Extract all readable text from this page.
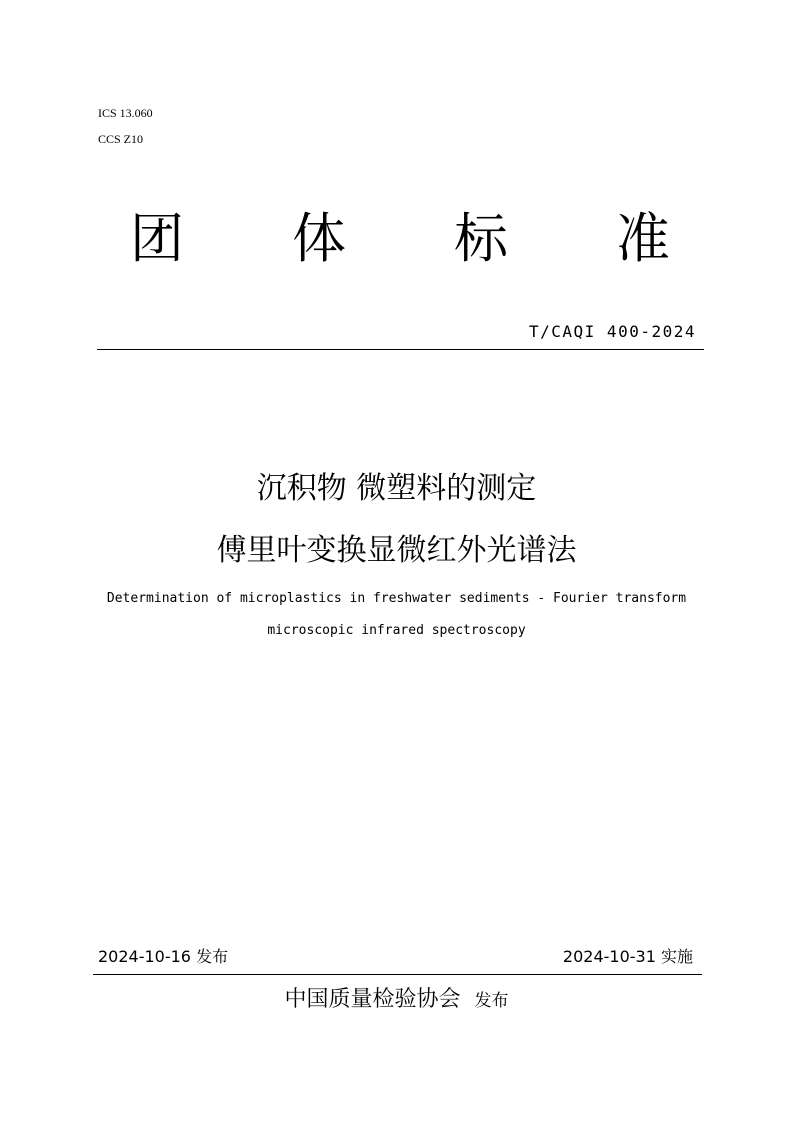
ICS 13.060
CCS Z10
团 体 标 准
T/CAQI 400-2024
沉积物 微塑料的测定
傅里叶变换显微红外光谱法
Determination of microplastics in freshwater sediments - Fourier transform
microscopic infrared spectroscopy
2024-10-16 发布	2024-10-31 实施
中国质量检验协会 发布
